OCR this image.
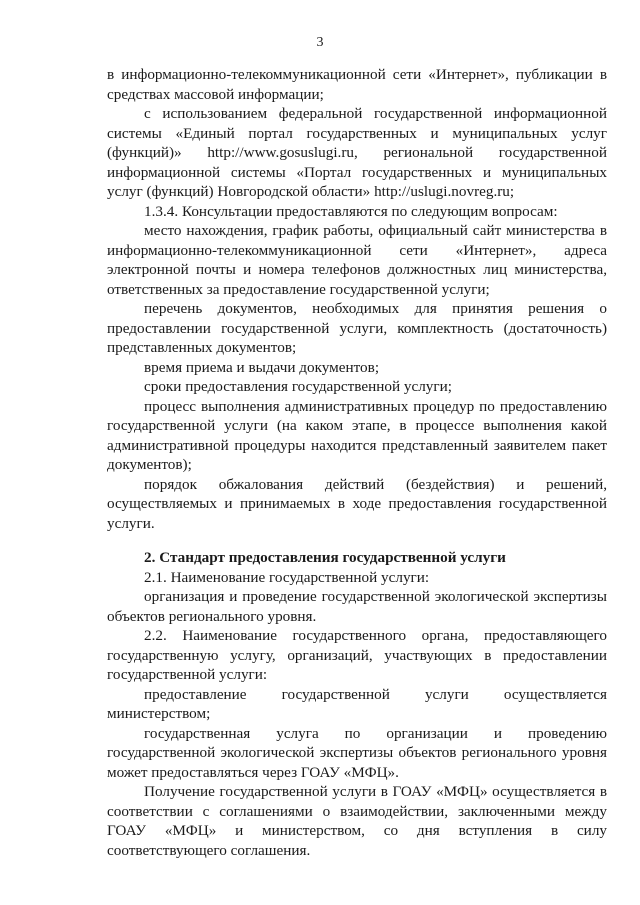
3

в информационно-телекоммуникационной сети «Интернет», публикации в средствах массовой информации;

с использованием федеральной государственной информационной системы «Единый портал государственных и муниципальных услуг (функций)» http://www.gosuslugi.ru, региональной государственной информационной системы «Портал государственных и муниципальных услуг (функций) Новгородской области» http://uslugi.novreg.ru;

1.3.4. Консультации предоставляются по следующим вопросам:

место нахождения, график работы, официальный сайт министерства в информационно-телекоммуникационной сети «Интернет», адреса электронной почты и номера телефонов должностных лиц министерства, ответственных за предоставление государственной услуги;

перечень документов, необходимых для принятия решения о предоставлении государственной услуги, комплектность (достаточность) представленных документов;

время приема и выдачи документов;

сроки предоставления государственной услуги;

процесс выполнения административных процедур по предоставлению государственной услуги (на каком этапе, в процессе выполнения какой административной процедуры находится представленный заявителем пакет документов);

порядок обжалования действий (бездействия) и решений, осуществляемых и принимаемых в ходе предоставления государственной услуги.

2. Стандарт предоставления государственной услуги

2.1. Наименование государственной услуги:

организация и проведение государственной экологической экспертизы объектов регионального уровня.

2.2. Наименование государственного органа, предоставляющего государственную услугу, организаций, участвующих в предоставлении государственной услуги:

предоставление государственной услуги осуществляется министерством;

государственная услуга по организации и проведению государственной экологической экспертизы объектов регионального уровня может предоставляться через ГОАУ «МФЦ».

Получение государственной услуги в ГОАУ «МФЦ» осуществляется в соответствии с соглашениями о взаимодействии, заключенными между ГОАУ «МФЦ» и министерством, со дня вступления в силу соответствующего соглашения.
